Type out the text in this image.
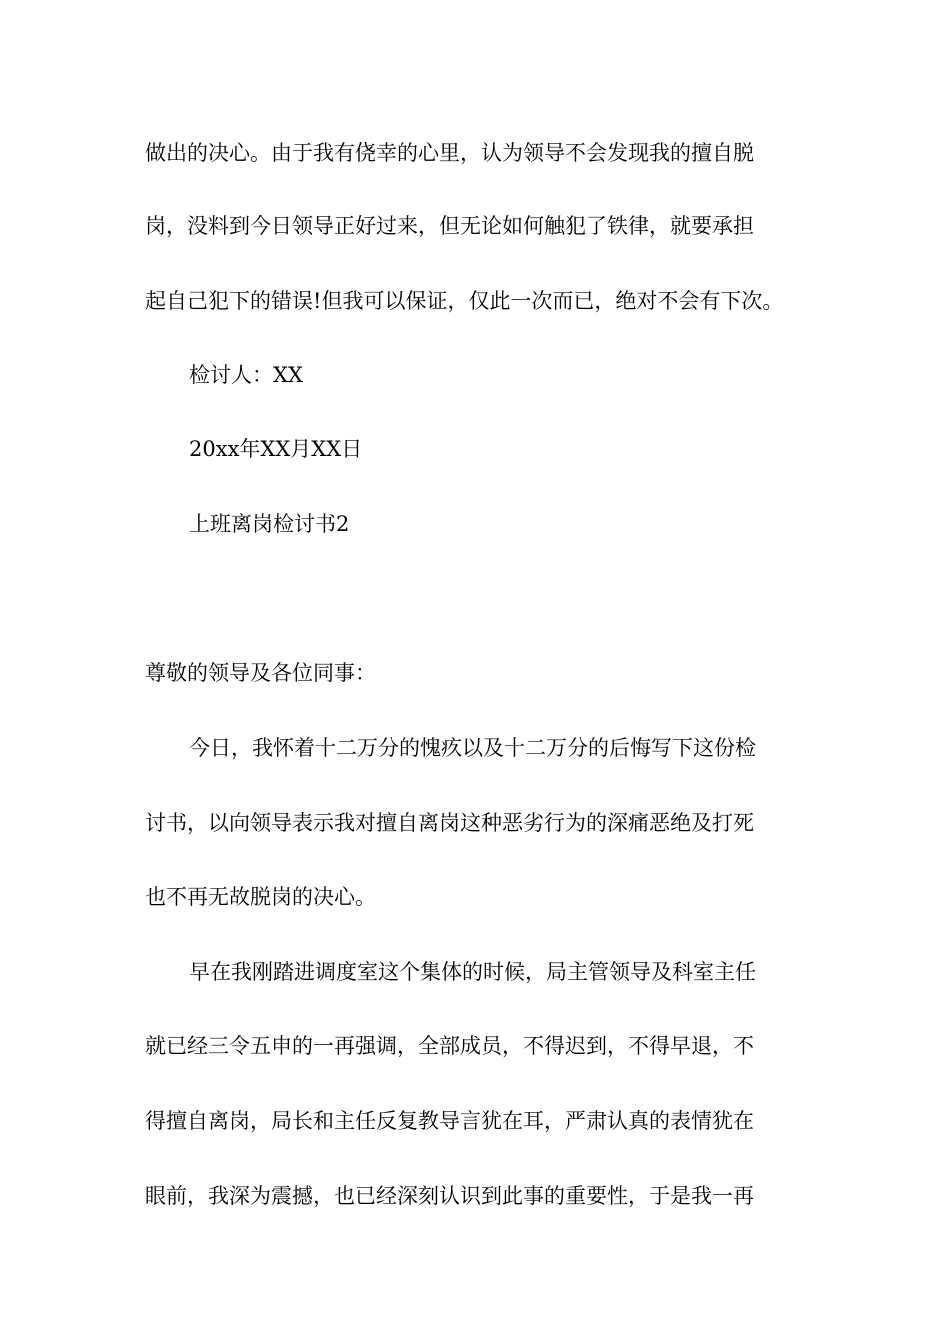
做出的决心。由于我有侥幸的心里，认为领导不会发现我的擅自脱
岗，没料到今日领导正好过来，但无论如何触犯了铁律，就要承担
起自己犯下的错误!但我可以保证，仅此一次而已，绝对不会有下次。
检讨人：XX
20xx年XX月XX日
上班离岗检讨书2
尊敬的领导及各位同事：
今日，我怀着十二万分的愧疚以及十二万分的后悔写下这份检
讨书，以向领导表示我对擅自离岗这种恶劣行为的深痛恶绝及打死
也不再无故脱岗的决心。
早在我刚踏进调度室这个集体的时候，局主管领导及科室主任
就已经三令五申的一再强调，全部成员，不得迟到，不得早退，不
得擅自离岗，局长和主任反复教导言犹在耳，严肃认真的表情犹在
眼前，我深为震撼，也已经深刻认识到此事的重要性，于是我一再
